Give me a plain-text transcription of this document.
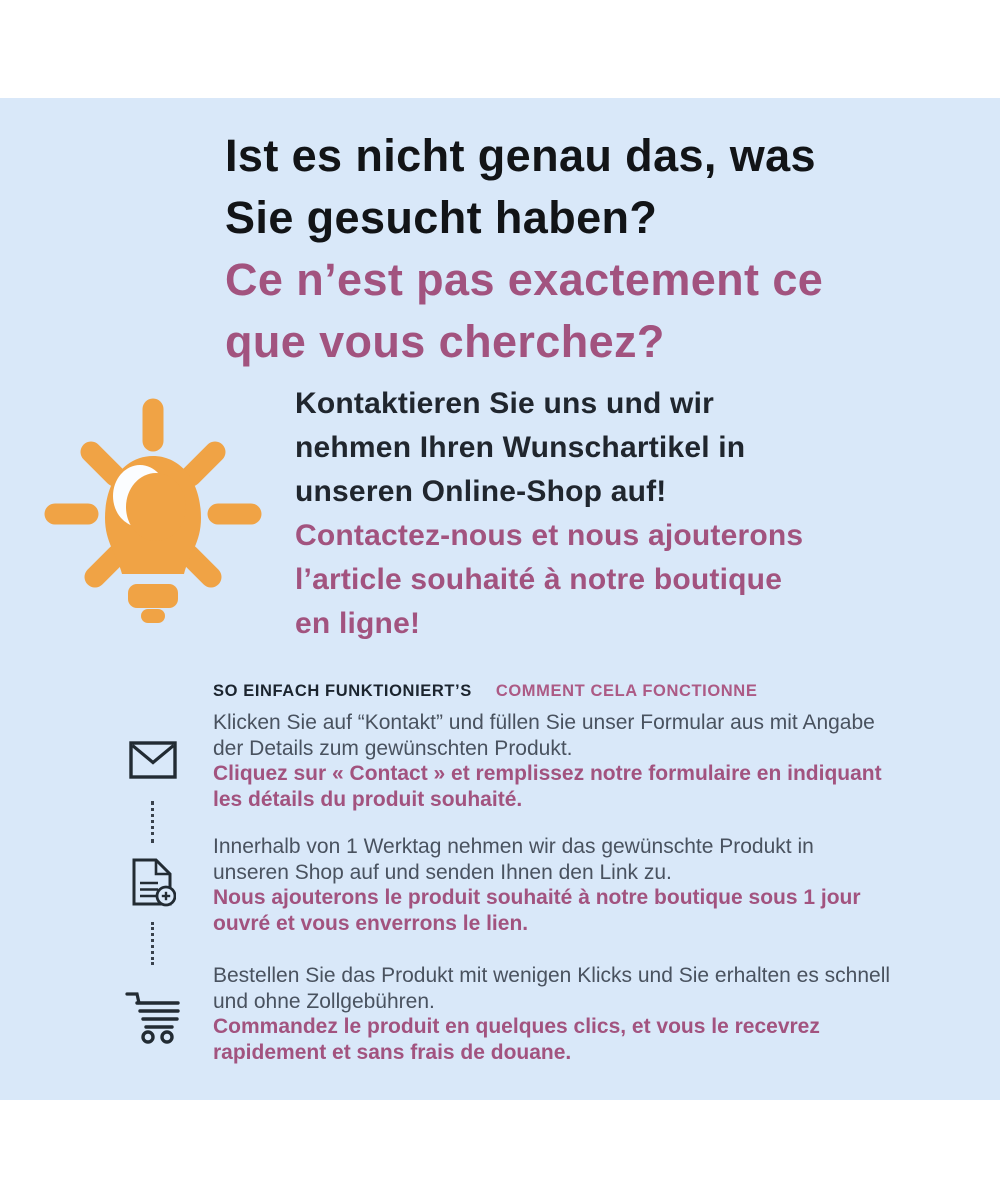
Ist es nicht genau das, was
Sie gesucht haben?
Ce n’est pas exactement ce
que vous cherchez?
Kontaktieren Sie uns und wir
nehmen Ihren Wunschartikel in
unseren Online-Shop auf!
Contactez-nous et nous ajouterons
l’article souhaité à notre boutique
en ligne!
SO EINFACH FUNKTIONIERT’S COMMENT CELA FONCTIONNE
Klicken Sie auf “Kontakt” und füllen Sie unser Formular aus mit Angabe
der Details zum gewünschten Produkt.
Cliquez sur « Contact » et remplissez notre formulaire en indiquant
les détails du produit souhaité.
Innerhalb von 1 Werktag nehmen wir das gewünschte Produkt in
unseren Shop auf und senden Ihnen den Link zu.
Nous ajouterons le produit souhaité à notre boutique sous 1 jour
ouvré et vous enverrons le lien.
Bestellen Sie das Produkt mit wenigen Klicks und Sie erhalten es schnell
und ohne Zollgebühren.
Commandez le produit en quelques clics, et vous le recevrez
rapidement et sans frais de douane.
